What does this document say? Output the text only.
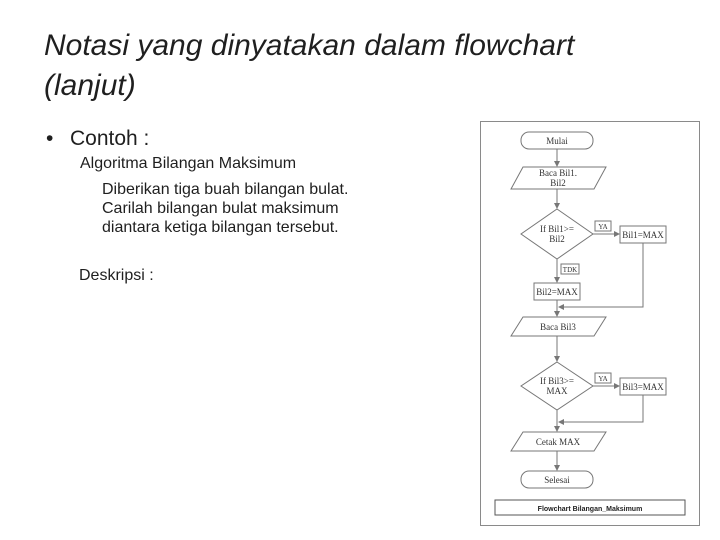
Notasi yang dinyatakan dalam flowchart
(lanjut)
• Contoh :
Algoritma Bilangan Maksimum
Diberikan tiga buah bilangan bulat.
Carilah bilangan bulat maksimum
diantara ketiga bilangan tersebut.
Deskripsi :
Mulai
Baca Bil1.
Bil2
If Bil1>=
Bil2
YA
Bil1=MAX
TDK
Bil2=MAX
Baca Bil3
If Bil3>=
MAX
YA
Bil3=MAX
Cetak MAX
Selesai
Flowchart Bilangan_Maksimum
